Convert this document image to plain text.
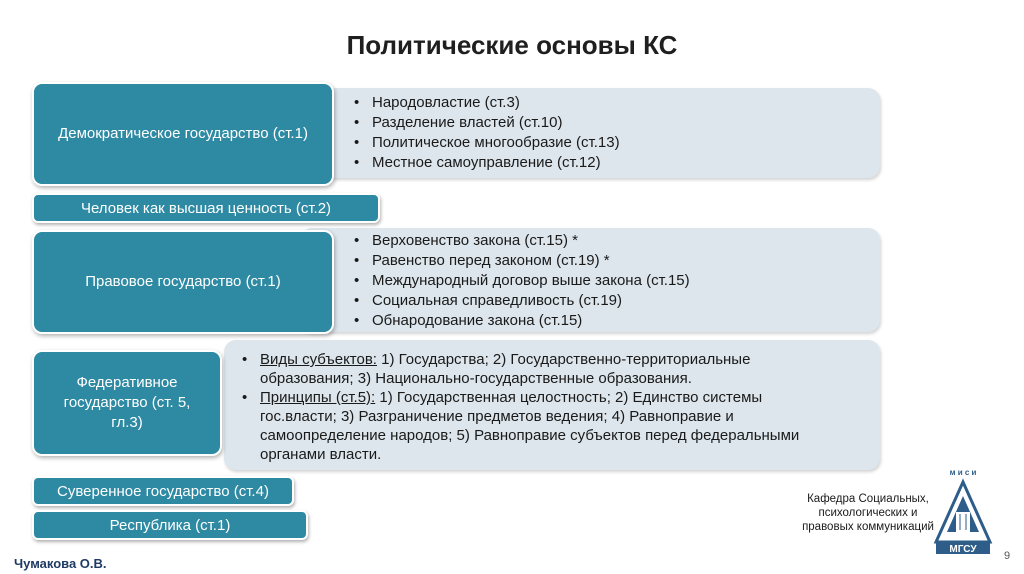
Политические основы КС
• Народовластие (ст.3)
• Разделение властей (ст.10)
• Политическое многообразие (ст.13)
• Местное самоуправление (ст.12)
Демократическое государство (ст.1)
Человек как высшая ценность (ст.2)
• Верховенство закона (ст.15) *
• Равенство перед законом (ст.19) *
• Международный договор выше закона (ст.15)
• Социальная справедливость (ст.19)
• Обнародование закона (ст.15)
Правовое государство (ст.1)
• Виды субъектов: 1) Государства; 2) Государственно-территориальные образования; 3) Национально-государственные образования.
• Принципы (ст.5): 1) Государственная целостность; 2) Единство системы гос.власти; 3) Разграничение предметов ведения; 4) Равноправие и самоопределение народов; 5) Равноправие субъектов перед федеральными органами власти.
Федеративное государство (ст. 5, гл.3)
Суверенное государство (ст.4)
Республика (ст.1)
Чумакова О.В.
Кафедра Социальных, психологических и правовых коммуникаций
9
м и с и
МГСУ
